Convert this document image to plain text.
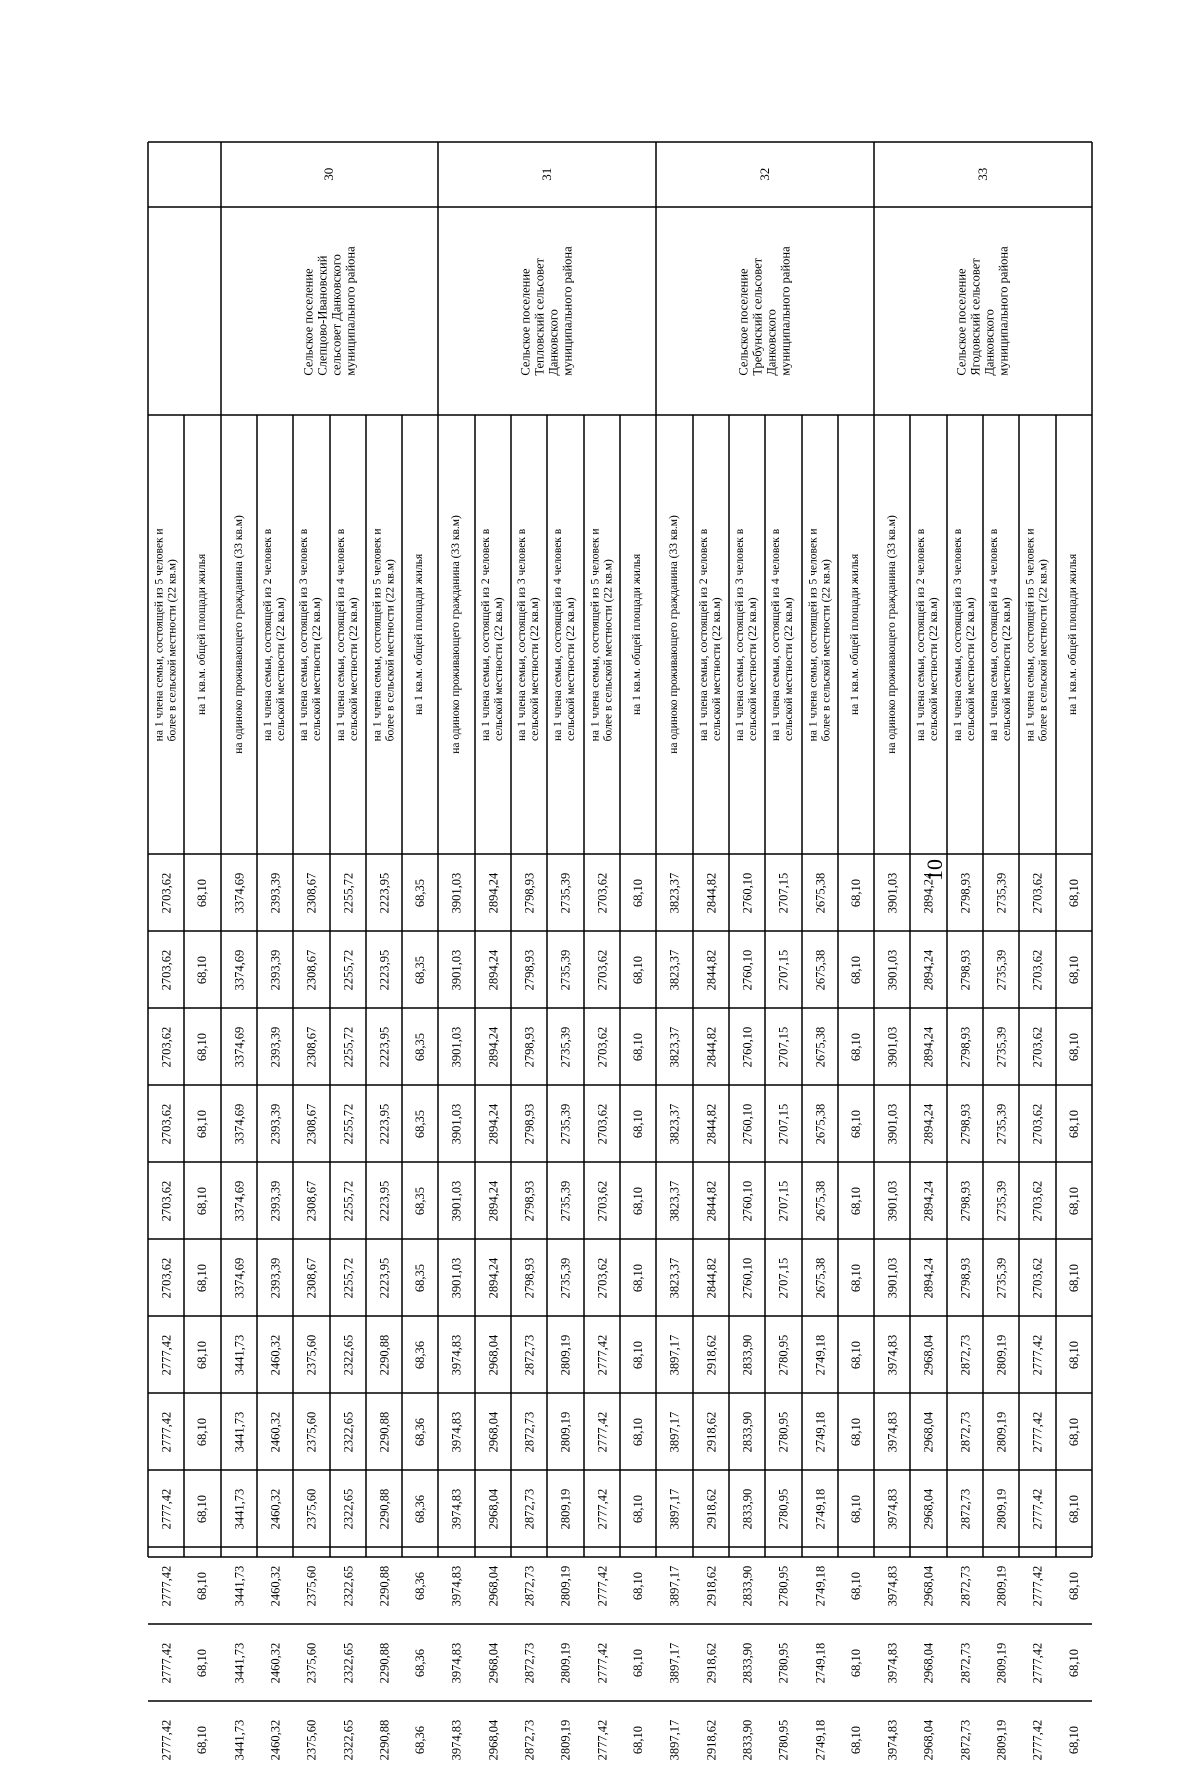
30
Сельское поселение
Слепцово-Ивановский
сельсовет Данковского
муниципального района
31
Сельское поселение
Тепловский сельсовет
Данковского
муниципального района
32
Сельское поселение
Требунский сельсовет
Данковского
муниципального района
33
Сельское поселение
Ягодовский сельсовет
Данковского
муниципального района
на 1 члена семьи, состоящей из 5 человек и
более в сельской местности (22 кв.м)
2703,62
2703,62
2703,62
2703,62
2703,62
2703,62
2777,42
2777,42
2777,42
2777,42
2777,42
2777,42
на 1 кв.м. общей площади жилья
68,10
68,10
68,10
68,10
68,10
68,10
68,10
68,10
68,10
68,10
68,10
68,10
на одиноко проживающего гражданина (33 кв.м)
3374,69
3374,69
3374,69
3374,69
3374,69
3374,69
3441,73
3441,73
3441,73
3441,73
3441,73
3441,73
на 1 члена семьи, состоящей из 2 человек в
сельской местности (22 кв.м)
2393,39
2393,39
2393,39
2393,39
2393,39
2393,39
2460,32
2460,32
2460,32
2460,32
2460,32
2460,32
на 1 члена семьи, состоящей из 3 человек в
сельской местности (22 кв.м)
2308,67
2308,67
2308,67
2308,67
2308,67
2308,67
2375,60
2375,60
2375,60
2375,60
2375,60
2375,60
на 1 члена семьи, состоящей из 4 человек в
сельской местности (22 кв.м)
2255,72
2255,72
2255,72
2255,72
2255,72
2255,72
2322,65
2322,65
2322,65
2322,65
2322,65
2322,65
на 1 члена семьи, состоящей из 5 человек и
более в сельской местности (22 кв.м)
2223,95
2223,95
2223,95
2223,95
2223,95
2223,95
2290,88
2290,88
2290,88
2290,88
2290,88
2290,88
на 1 кв.м. общей площади жилья
68,35
68,35
68,35
68,35
68,35
68,35
68,36
68,36
68,36
68,36
68,36
68,36
на одиноко проживающего гражданина (33 кв.м)
3901,03
3901,03
3901,03
3901,03
3901,03
3901,03
3974,83
3974,83
3974,83
3974,83
3974,83
3974,83
на 1 члена семьи, состоящей из 2 человек в
сельской местности (22 кв.м)
2894,24
2894,24
2894,24
2894,24
2894,24
2894,24
2968,04
2968,04
2968,04
2968,04
2968,04
2968,04
на 1 члена семьи, состоящей из 3 человек в
сельской местности (22 кв.м)
2798,93
2798,93
2798,93
2798,93
2798,93
2798,93
2872,73
2872,73
2872,73
2872,73
2872,73
2872,73
на 1 члена семьи, состоящей из 4 человек в
сельской местности (22 кв.м)
2735,39
2735,39
2735,39
2735,39
2735,39
2735,39
2809,19
2809,19
2809,19
2809,19
2809,19
2809,19
на 1 члена семьи, состоящей из 5 человек и
более в сельской местности (22 кв.м)
2703,62
2703,62
2703,62
2703,62
2703,62
2703,62
2777,42
2777,42
2777,42
2777,42
2777,42
2777,42
на 1 кв.м. общей площади жилья
68,10
68,10
68,10
68,10
68,10
68,10
68,10
68,10
68,10
68,10
68,10
68,10
на одиноко проживающего гражданина (33 кв.м)
3823,37
3823,37
3823,37
3823,37
3823,37
3823,37
3897,17
3897,17
3897,17
3897,17
3897,17
3897,17
на 1 члена семьи, состоящей из 2 человек в
сельской местности (22 кв.м)
2844,82
2844,82
2844,82
2844,82
2844,82
2844,82
2918,62
2918,62
2918,62
2918,62
2918,62
2918,62
на 1 члена семьи, состоящей из 3 человек в
сельской местности (22 кв.м)
2760,10
2760,10
2760,10
2760,10
2760,10
2760,10
2833,90
2833,90
2833,90
2833,90
2833,90
2833,90
на 1 члена семьи, состоящей из 4 человек в
сельской местности (22 кв.м)
2707,15
2707,15
2707,15
2707,15
2707,15
2707,15
2780,95
2780,95
2780,95
2780,95
2780,95
2780,95
на 1 члена семьи, состоящей из 5 человек и
более в сельской местности (22 кв.м)
2675,38
2675,38
2675,38
2675,38
2675,38
2675,38
2749,18
2749,18
2749,18
2749,18
2749,18
2749,18
на 1 кв.м. общей площади жилья
68,10
68,10
68,10
68,10
68,10
68,10
68,10
68,10
68,10
68,10
68,10
68,10
на одиноко проживающего гражданина (33 кв.м)
3901,03
3901,03
3901,03
3901,03
3901,03
3901,03
3974,83
3974,83
3974,83
3974,83
3974,83
3974,83
на 1 члена семьи, состоящей из 2 человек в
сельской местности (22 кв.м)
2894,24
2894,24
2894,24
2894,24
2894,24
2894,24
2968,04
2968,04
2968,04
2968,04
2968,04
2968,04
на 1 члена семьи, состоящей из 3 человек в
сельской местности (22 кв.м)
2798,93
2798,93
2798,93
2798,93
2798,93
2798,93
2872,73
2872,73
2872,73
2872,73
2872,73
2872,73
на 1 члена семьи, состоящей из 4 человек в
сельской местности (22 кв.м)
2735,39
2735,39
2735,39
2735,39
2735,39
2735,39
2809,19
2809,19
2809,19
2809,19
2809,19
2809,19
на 1 члена семьи, состоящей из 5 человек и
более в сельской местности (22 кв.м)
2703,62
2703,62
2703,62
2703,62
2703,62
2703,62
2777,42
2777,42
2777,42
2777,42
2777,42
2777,42
на 1 кв.м. общей площади жилья
68,10
68,10
68,10
68,10
68,10
68,10
68,10
68,10
68,10
68,10
68,10
68,10
10
